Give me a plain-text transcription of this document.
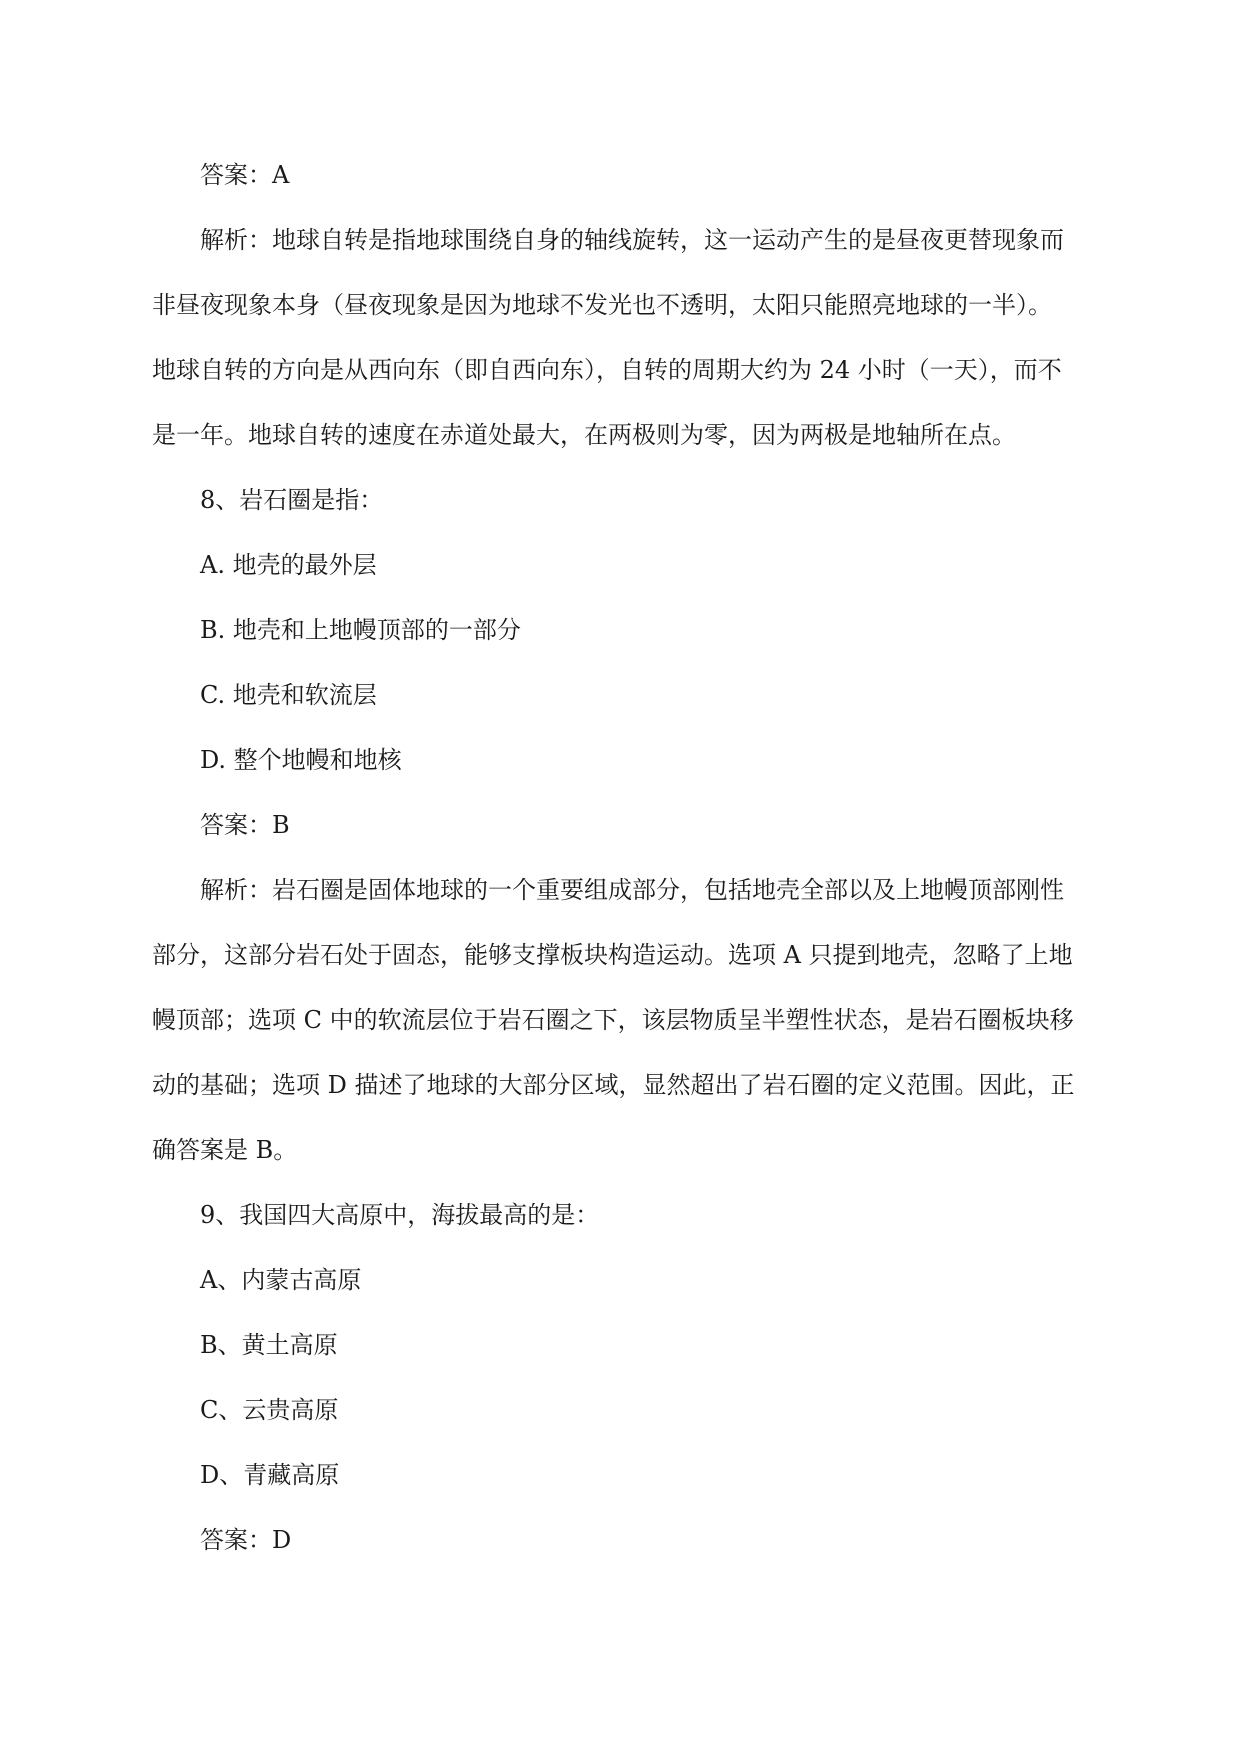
答案：A

解析：地球自转是指地球围绕自身的轴线旋转，这一运动产生的是昼夜更替现象而
非昼夜现象本身（昼夜现象是因为地球不发光也不透明，太阳只能照亮地球的一半）。
地球自转的方向是从西向东（即自西向东），自转的周期大约为 24 小时（一天），而不
是一年。地球自转的速度在赤道处最大，在两极则为零，因为两极是地轴所在点。

8、岩石圈是指：

A. 地壳的最外层

B. 地壳和上地幔顶部的一部分

C. 地壳和软流层

D. 整个地幔和地核

答案：B

解析：岩石圈是固体地球的一个重要组成部分，包括地壳全部以及上地幔顶部刚性
部分，这部分岩石处于固态，能够支撑板块构造运动。选项 A 只提到地壳，忽略了上地
幔顶部；选项 C 中的软流层位于岩石圈之下，该层物质呈半塑性状态，是岩石圈板块移
动的基础；选项 D 描述了地球的大部分区域，显然超出了岩石圈的定义范围。因此，正
确答案是 B。

9、我国四大高原中，海拔最高的是：

A、内蒙古高原

B、黄土高原

C、云贵高原

D、青藏高原

答案：D
